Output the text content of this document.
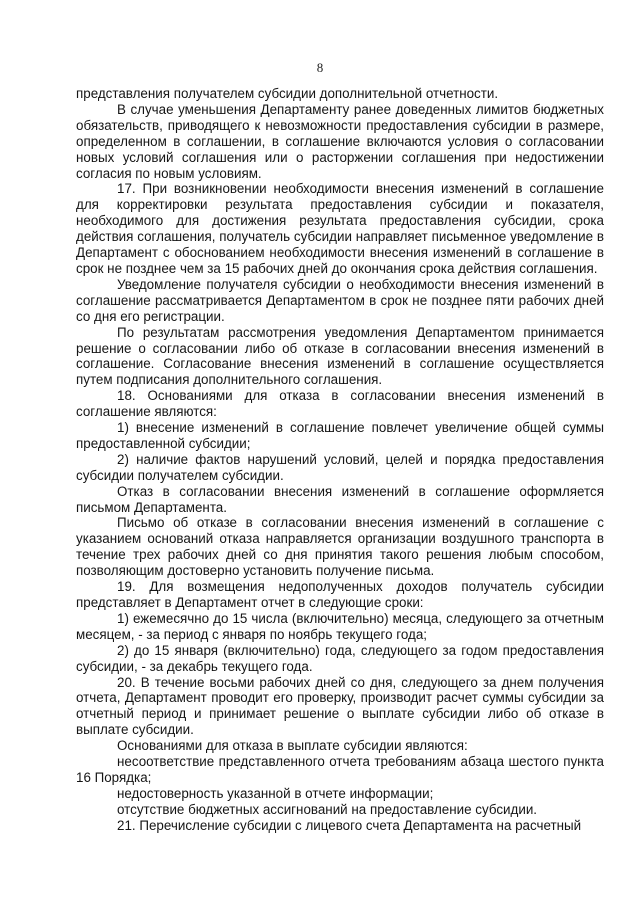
8

представления получателем субсидии дополнительной отчетности.

В случае уменьшения Департаменту ранее доведенных лимитов бюджетных обязательств, приводящего к невозможности предоставления субсидии в размере, определенном в соглашении, в соглашение включаются условия о согласовании новых условий соглашения или о расторжении соглашения при недостижении согласия по новым условиям.

17. При возникновении необходимости внесения изменений в соглашение для корректировки результата предоставления субсидии и показателя, необходимого для достижения результата предоставления субсидии, срока действия соглашения, получатель субсидии направляет письменное уведомление в Департамент с обоснованием необходимости внесения изменений в соглашение в срок не позднее чем за 15 рабочих дней до окончания срока действия соглашения.

Уведомление получателя субсидии о необходимости внесения изменений в соглашение рассматривается Департаментом в срок не позднее пяти рабочих дней со дня его регистрации.

По результатам рассмотрения уведомления Департаментом принимается решение о согласовании либо об отказе в согласовании внесения изменений в соглашение. Согласование внесения изменений в соглашение осуществляется путем подписания дополнительного соглашения.

18. Основаниями для отказа в согласовании внесения изменений в соглашение являются:

1) внесение изменений в соглашение повлечет увеличение общей суммы предоставленной субсидии;

2) наличие фактов нарушений условий, целей и порядка предоставления субсидии получателем субсидии.

Отказ в согласовании внесения изменений в соглашение оформляется письмом Департамента.

Письмо об отказе в согласовании внесения изменений в соглашение с указанием оснований отказа направляется организации воздушного транспорта в течение трех рабочих дней со дня принятия такого решения любым способом, позволяющим достоверно установить получение письма.

19. Для возмещения недополученных доходов получатель субсидии представляет в Департамент отчет в следующие сроки:

1) ежемесячно до 15 числа (включительно) месяца, следующего за отчетным месяцем, - за период с января по ноябрь текущего года;

2) до 15 января (включительно) года, следующего за годом предоставления субсидии, - за декабрь текущего года.

20. В течение восьми рабочих дней со дня, следующего за днем получения отчета, Департамент проводит его проверку, производит расчет суммы субсидии за отчетный период и принимает решение о выплате субсидии либо об отказе в выплате субсидии.

Основаниями для отказа в выплате субсидии являются:

несоответствие представленного отчета требованиям абзаца шестого пункта 16 Порядка;

недостоверность указанной в отчете информации;

отсутствие бюджетных ассигнований на предоставление субсидии.

21. Перечисление субсидии с лицевого счета Департамента на расчетный
